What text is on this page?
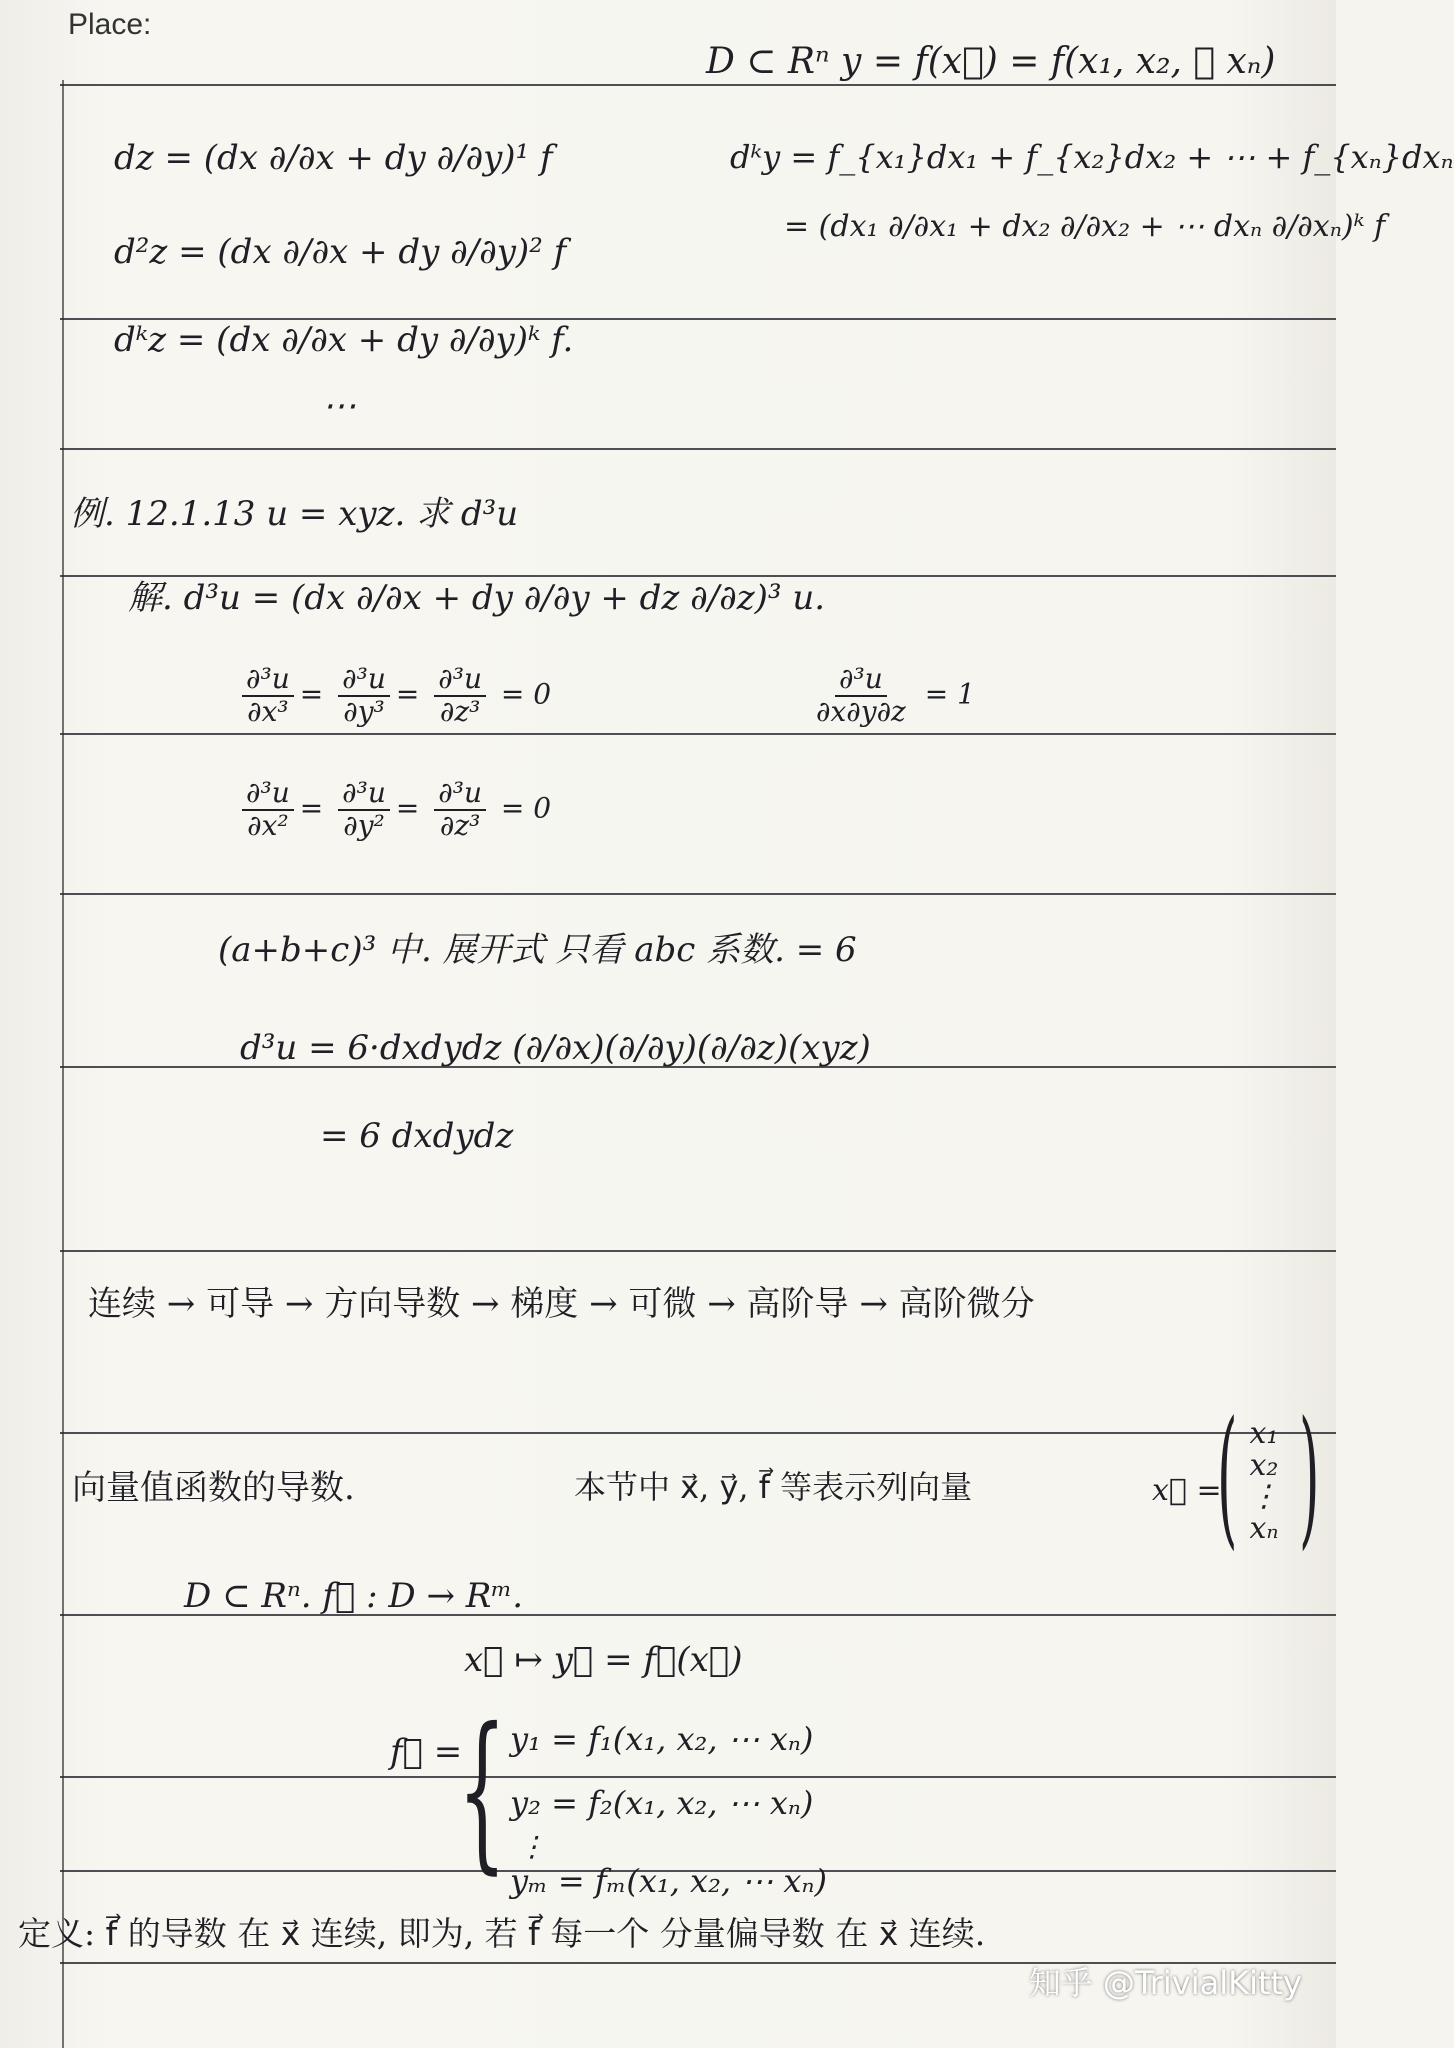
Place:
D ⊂ Rⁿ y = f(x⃗) = f(x₁, x₂, ⋯ xₙ)
dᵏy = f_{x₁}dx₁ + f_{x₂}dx₂ + ⋯ + f_{xₙ}dxₙ
= (dx₁ ∂/∂x₁ + dx₂ ∂/∂x₂ + ⋯ dxₙ ∂/∂xₙ)ᵏ f
dz = (dx ∂/∂x + dy ∂/∂y)¹ f
d²z = (dx ∂/∂x + dy ∂/∂y)² f
dᵏz = (dx ∂/∂x + dy ∂/∂y)ᵏ f.
⋯
例. 12.1.13 u = xyz. 求 d³u
解. d³u = (dx ∂/∂x + dy ∂/∂y + dz ∂/∂z)³ u.
$\frac{\text{∂³u}}{\text{∂x³}} = \frac{\text{∂³u}}{\text{∂y³}} = \frac{\text{∂³u}}{\text{∂z³}} = 0$	$\frac{\text{∂³u}}{\partial x\partial y\partial z} = 1$
$\frac{\text{∂³u}}{\text{∂x²}} = \frac{\text{∂³u}}{\text{∂y²}} = \frac{\text{∂³u}}{\text{∂z³}} = 0$
(a+b+c)³ 中. 展开式 只看 abc 系数. = 6
d³u = 6·dxdydz (∂/∂x)(∂/∂y)(∂/∂z)(xyz)
= 6 dxdydz
连续 → 可导 → 方向导数 → 梯度 → 可微 → 高阶导 → 高阶微分
向量值函数的导数.	本节中 x⃗, y⃗, f⃗ 等表示列向量	x⃗ =
( x₁
x₂
⋮
xₙ )
D ⊂ Rⁿ. f⃗ : D → Rᵐ.
x⃗ ↦ y⃗ = f⃗(x⃗)
f⃗ =
{ y₁ = f₁(x₁, x₂, ⋯ xₙ)
y₂ = f₂(x₁, x₂, ⋯ xₙ)
⋮
yₘ = fₘ(x₁, x₂, ⋯ xₙ)
定义: f⃗ 的导数 在 x⃗ 连续, 即为, 若 f⃗ 每一个 分量偏导数 在 x⃗ 连续.
知乎 @TrivialKitty
